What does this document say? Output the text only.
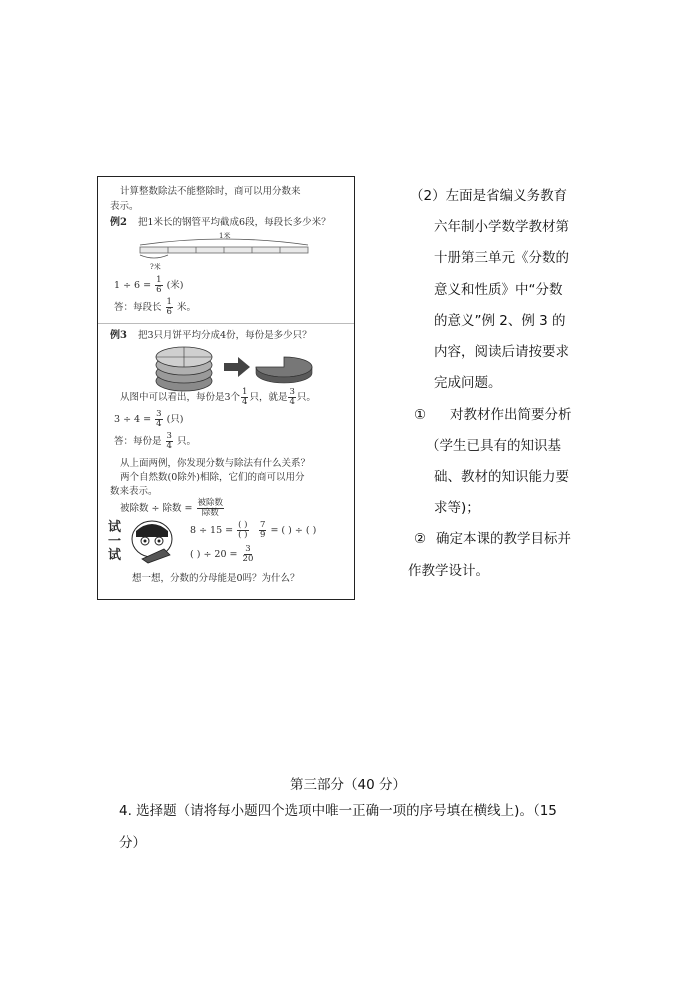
计算整数除法不能整除时，商可以用分数来
表示。
例2 把1米长的钢管平均截成6段，每段长多少米？
1米
?米
$1 \div 6 = \frac{1}{6}$ (米)
答：每段长 $\frac{1}{6}$ 米。
例3 把3只月饼平均分成4份，每份是多少只？
从图中可以看出，每份是3个 $\frac{1}{4}$ 只，就是 $\frac{3}{4}$ 只。
$3 \div 4 = \frac{3}{4}$ (只)
答：每份是 $\frac{3}{4}$ 只。
从上面两例，你发现分数与除法有什么关系？
两个自然数(0除外)相除，它们的商可以用分
数来表示。
被除数 ÷ 除数 = $\frac{\text{被除数}}{\text{除数}}$
试
一
试
$8 \div 15 = \frac{( )}{( )} \frac{7}{9}$ = ( ) ÷ ( )
( ) ÷ $20 = \frac{3}{20}$
想一想，分数的分母能是0吗？为什么？
（2）左面是省编义务教育
六年制小学数学教材第
十册第三单元《分数的
意义和性质》中“分数
的意义”例 2、例 3 的
内容，阅读后请按要求
完成问题。
① 对教材作出简要分析
（学生已具有的知识基
础、教材的知识能力要
求等)；
② 确定本课的教学目标并
作教学设计。
第三部分（40 分）
4. 选择题（请将每小题四个选项中唯一正确一项的序号填在横线上)。（15
分）
